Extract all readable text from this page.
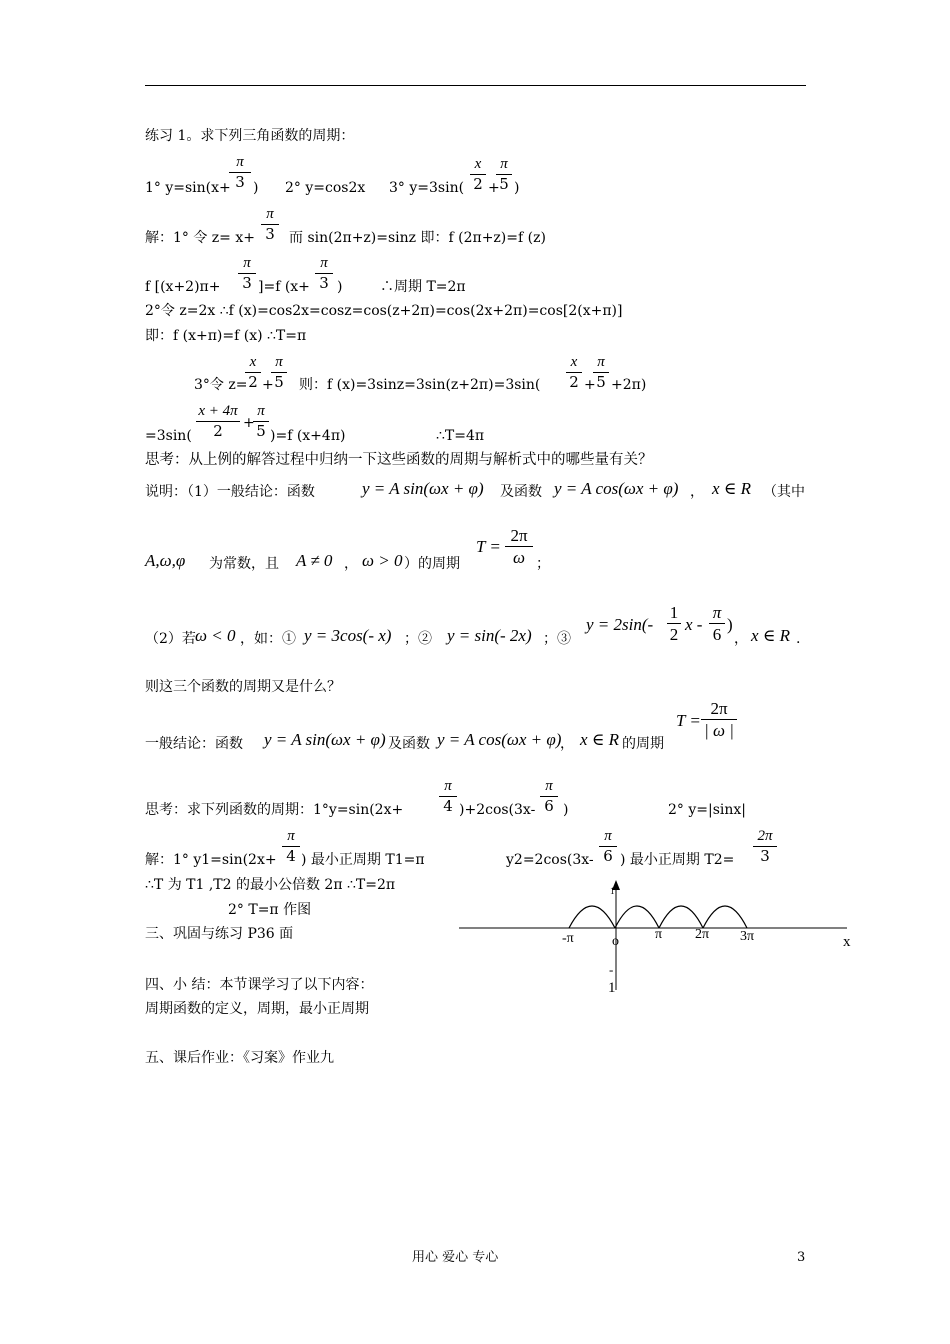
练习 1。求下列三角函数的周期：
$\frac{\pi}{3}$
1° y=sin(x+ ) 2° y=cos2x 3° $y=3\sin( \frac{x}{2}$ +
$\frac{\pi}{5}$ )
解：1° 令 $z= x+ \frac{\pi}{3}$ 而 sin(2π+z)=sinz 即：f (2π+z)=f (z)
f $[(x+2)\pi+ \frac{\pi}{3} ]=f$ ($x+ \frac{\pi}{3}$ )	∴周期 T=2π
2°令 z=2x ∴f (x)=cos2x=cosz=cos(z+2π)=cos(2x+2π)=cos[2(x+π)]
即：f (x+π)=f (x) ∴T=π
3°令 z=
$\frac{x}{2}$ +
$\frac{\pi}{5}$ 则：f $(x)=3\sin z=3\sin(z+2\pi)=3\sin( \frac{x}{2}$ +
$\frac{\pi}{5} +2\pi$)
$=3\sin( \frac{x + 4\pi}{2}$ +
$\frac{\pi}{5} )=f$ (x+4π)	∴T=4π
思考：从上例的解答过程中归纳一下这些函数的周期与解析式中的哪些量有关？
说明：（1）一般结论：函数	y = A sin(ωx + φ) 及函数 y = A cos(ωx + φ) ， x ∈ R （其中
A,ω,φ 为常数，且 A ≠ 0 ， ω > 0 ）的周期
$T = \frac{2\pi}{\omega}$ ；
（2）若 ω < 0 ，如：① y = 3cos(- x) ；② y = sin(- 2x) ；③
$y = 2\sin(- \frac{1}{2}$ x - $\frac{\pi}{6}$ )
， x ∈ R .
则这三个函数的周期又是什么？
一般结论：函数 y = A sin(ωx + φ) 及函数 y = A cos(ωx + φ)
， x ∈ R 的周期
$T = \frac{2\pi}{| \omega |}$
思考：求下列函数的周期：$1^\circ y=\sin(2x+ \frac{\pi}{4} )+2\cos(3x- \frac{\pi}{6}$ )	2° y=|sinx|
解：1° $y1=\sin(2x+ \frac{\pi}{4}$ ) 最小正周期 T1=π	$y2=2\cos(3x- \frac{\pi}{6}$ ) 最小正周期 $T2= \frac{2\pi}{3}$
∴T 为 T1 ,T2 的最小公倍数 2π ∴T=2π
2° T=π 作图
-π	o	π 2π 3π	x
1
-
1
三、巩固与练习 P36 面
四、小 结：本节课学习了以下内容：
周期函数的定义，周期，最小正周期
五、课后作业：《习案》作业九
用心 爱心 专心	3
